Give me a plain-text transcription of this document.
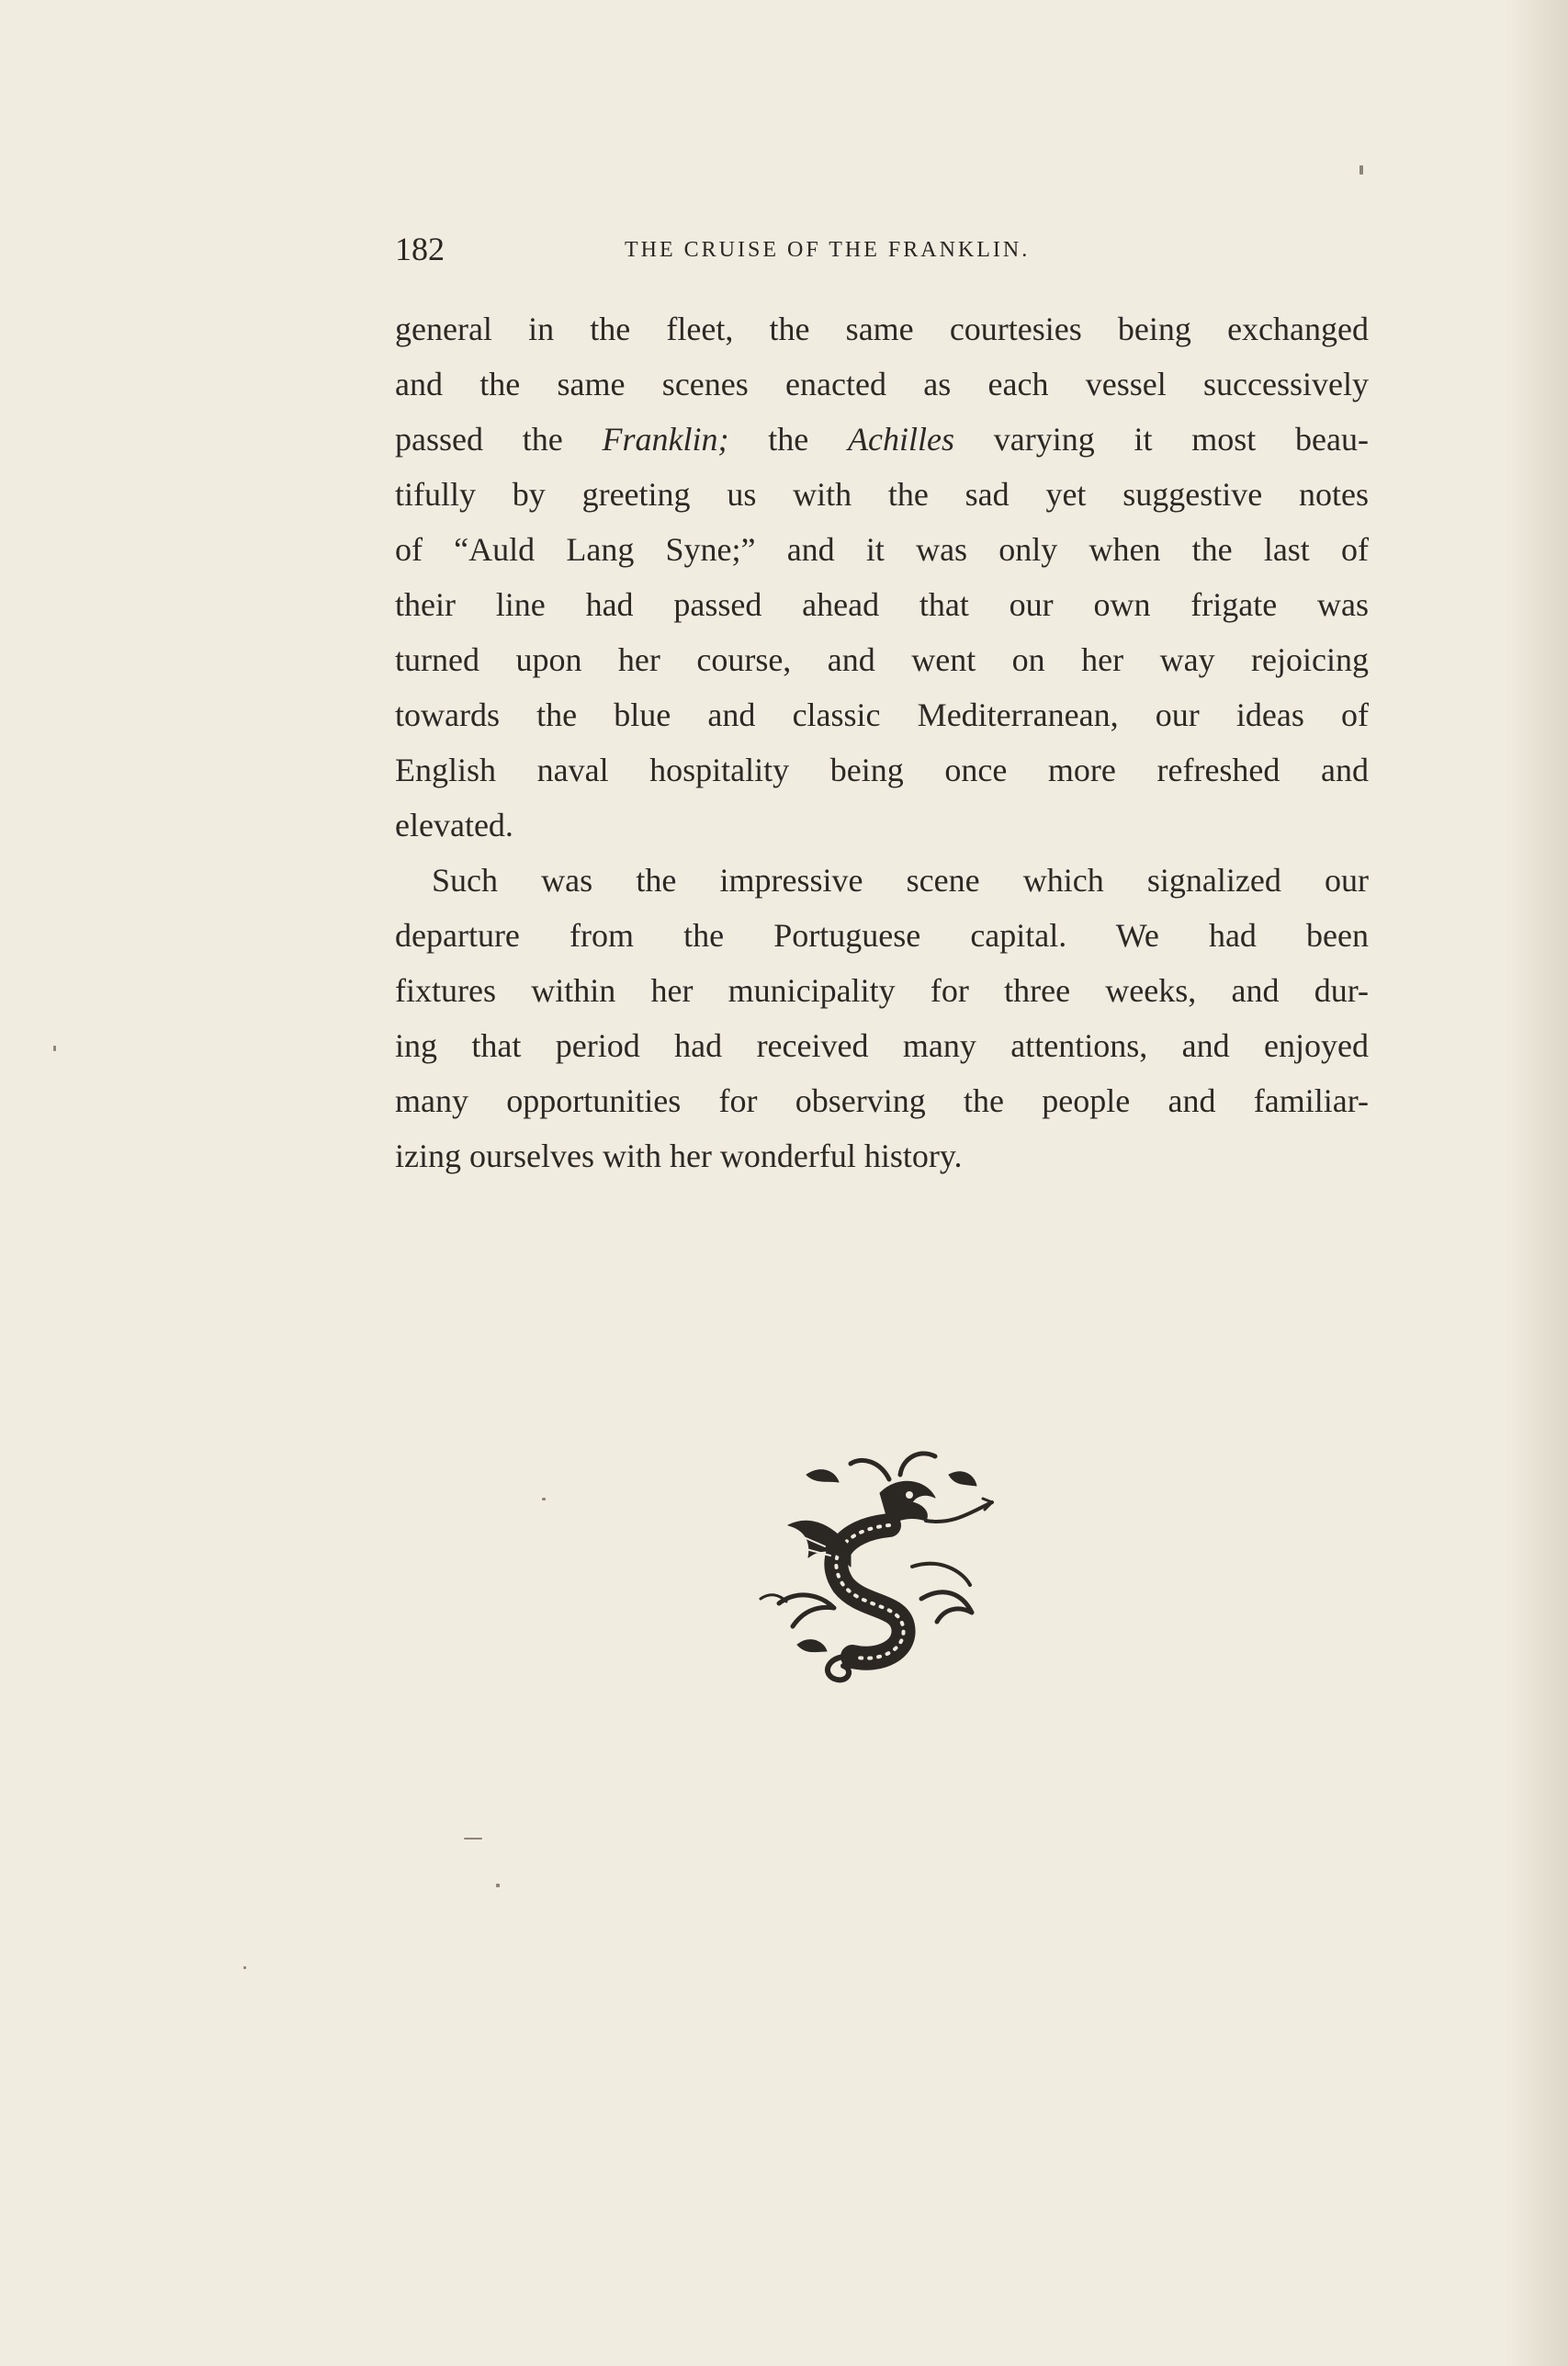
182	THE CRUISE OF THE FRANKLIN.
general in the fleet, the same courtesies being exchanged
and the same scenes enacted as each vessel successively
passed the Franklin; the Achilles varying it most beau-
tifully by greeting us with the sad yet suggestive notes
of “Auld Lang Syne;” and it was only when the last of
their line had passed ahead that our own frigate was
turned upon her course, and went on her way rejoicing
towards the blue and classic Mediterranean, our ideas of
English naval hospitality being once more refreshed and
elevated.
Such was the impressive scene which signalized our
departure from the Portuguese capital. We had been
fixtures within her municipality for three weeks, and dur-
ing that period had received many attentions, and enjoyed
many opportunities for observing the people and familiar-
izing ourselves with her wonderful history.
